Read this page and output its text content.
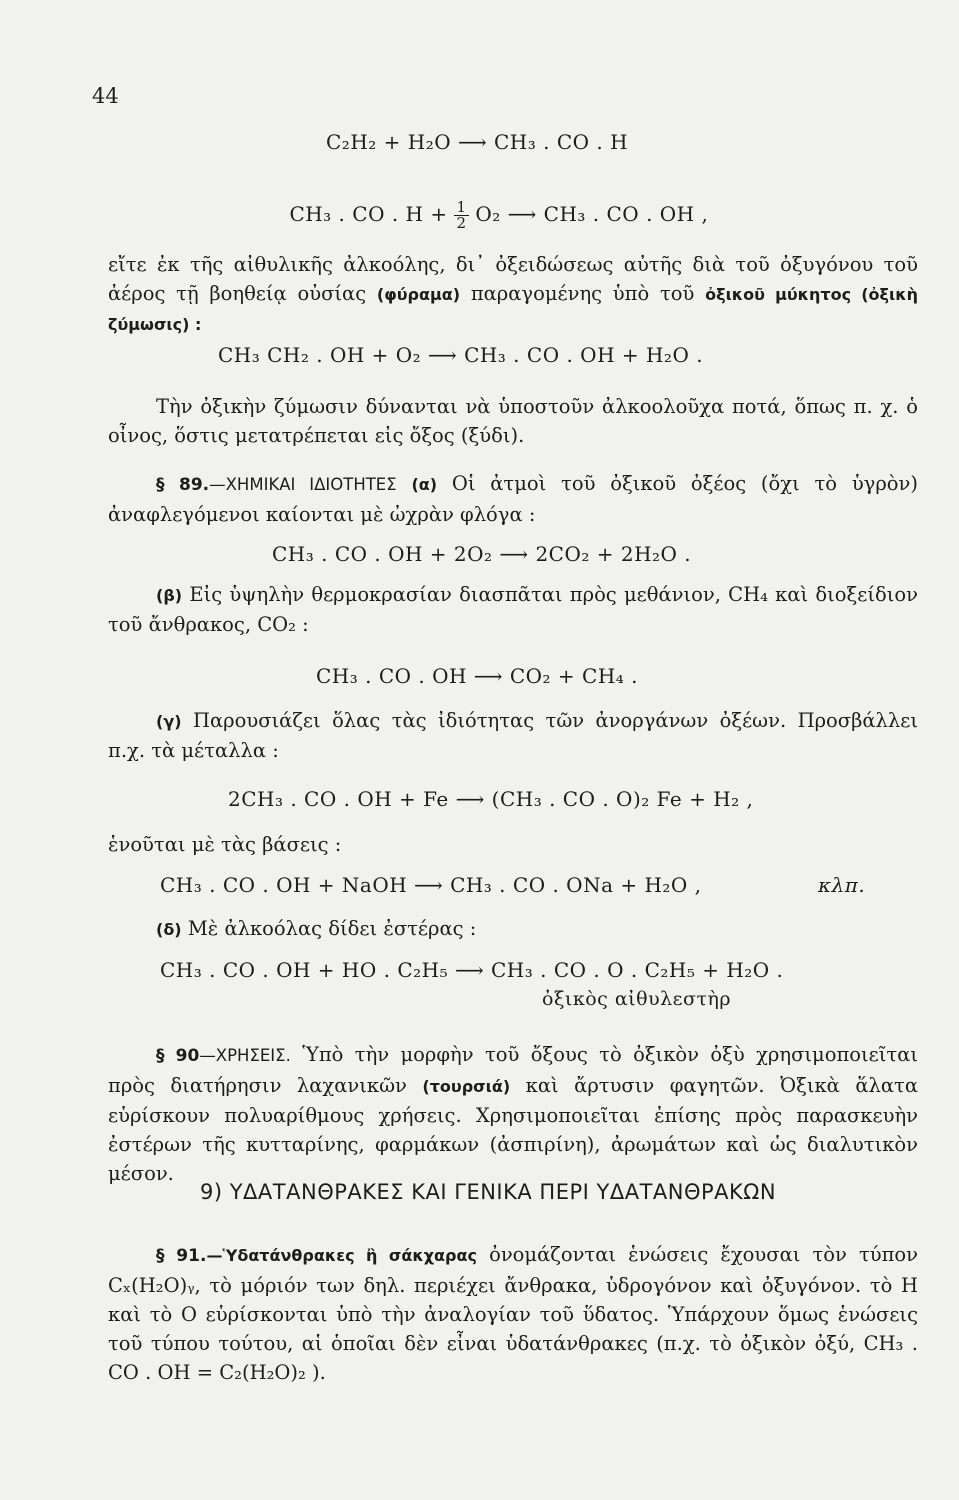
44
C₂H₂ + H₂O ⟶ CH₃ . CO . H

CH₃ . CO . $H + \frac{1}{2} O_2$ ⟶ CH₃ . CO . OH ,

εἴτε ἐκ τῆς αἰθυλικῆς ἀλκοόλης, δι᾽ ὀξειδώσεως αὐτῆς διὰ τοῦ ὀξυγόνου τοῦ ἀέρος τῇ βοηθείᾳ οὐσίας (φύραμα) παραγομένης ὑπὸ τοῦ ὀξικοῦ μύκητος (ὀξικὴ ζύμωσις) :
CH₃ CH₂ . OH + O₂ ⟶ CH₃ . CO . OH + H₂O .
Τὴν ὀξικὴν ζύμωσιν δύνανται νὰ ὑποστοῦν ἀλκοολοῦχα ποτά, ὅπως π. χ. ὁ οἶνος, ὅστις μετατρέπεται εἰς ὄξος (ξύδι).
§ 89.—ΧΗΜΙΚΑΙ ΙΔΙΟΤΗΤΕΣ (α) Οἱ ἀτμοὶ τοῦ ὀξικοῦ ὀξέος (ὄχι τὸ ὑγρὸν) ἀναφλεγόμενοι καίονται μὲ ὠχρὰν φλόγα :
CH₃ . CO . OH + 2O₂ ⟶ 2CO₂ + 2H₂O .
(β) Εἰς ὑψηλὴν θερμοκρασίαν διασπᾶται πρὸς μεθάνιον, CH₄ καὶ διοξείδιον τοῦ ἄνθρακος, CO₂ :
CH₃ . CO . OH ⟶ CO₂ + CH₄ .
(γ) Παρουσιάζει ὅλας τὰς ἰδιότητας τῶν ἀνοργάνων ὀξέων. Προσβάλλει π.χ. τὰ μέταλλα :
2CH₃ . CO . OH + Fe ⟶ (CH₃ . CO . O)₂ Fe + H₂ ,
ἑνοῦται μὲ τὰς βάσεις :
CH₃ . CO . OH + NaOH ⟶ CH₃ . CO . ONa + H₂O ,	κλπ.
(δ) Μὲ ἀλκοόλας δίδει ἐστέρας :
CH₃ . CO . OH + HO . C₂H₅ ⟶ CH₃ . CO . O . C₂H₅ + H₂O .
ὀξικὸς αἰθυλεστὴρ
§ 90—ΧΡΗΣΕΙΣ. Ὑπὸ τὴν μορφὴν τοῦ ὄξους τὸ ὀξικὸν ὀξὺ χρησιμοποιεῖται πρὸς διατήρησιν λαχανικῶν (τουρσιά) καὶ ἄρτυσιν φαγητῶν. Ὀξικὰ ἅλατα εὑρίσκουν πολυαρίθμους χρήσεις. Χρησιμοποιεῖται ἐπίσης πρὸς παρασκευὴν ἐστέρων τῆς κυτταρίνης, φαρμάκων (ἀσπιρίνη), ἀρωμάτων καὶ ὡς διαλυτικὸν μέσον.
9) ΥΔΑΤΑΝΘΡΑΚΕΣ ΚΑΙ ΓΕΝΙΚΑ ΠΕΡΙ ΥΔΑΤΑΝΘΡΑΚΩΝ
§ 91.—Ὑδατάνθρακες ἢ σάκχαρας ὀνομάζονται ἑνώσεις ἔχουσαι τὸν τύπον Cₓ(H₂O)ᵧ, τὸ μόριόν των δηλ. περιέχει ἄνθρακα, ὑδρογόνον καὶ ὀξυγόνον. τὸ H καὶ τὸ O εὑρίσκονται ὑπὸ τὴν ἀναλογίαν τοῦ ὕδατος. Ὑπάρχουν ὅμως ἑνώσεις τοῦ τύπου τούτου, αἱ ὁποῖαι δὲν εἶναι ὑδατάνθρακες (π.χ. τὸ ὀξικὸν ὀξύ, CH₃ . CO . OH = C₂(H₂O)₂ ).
